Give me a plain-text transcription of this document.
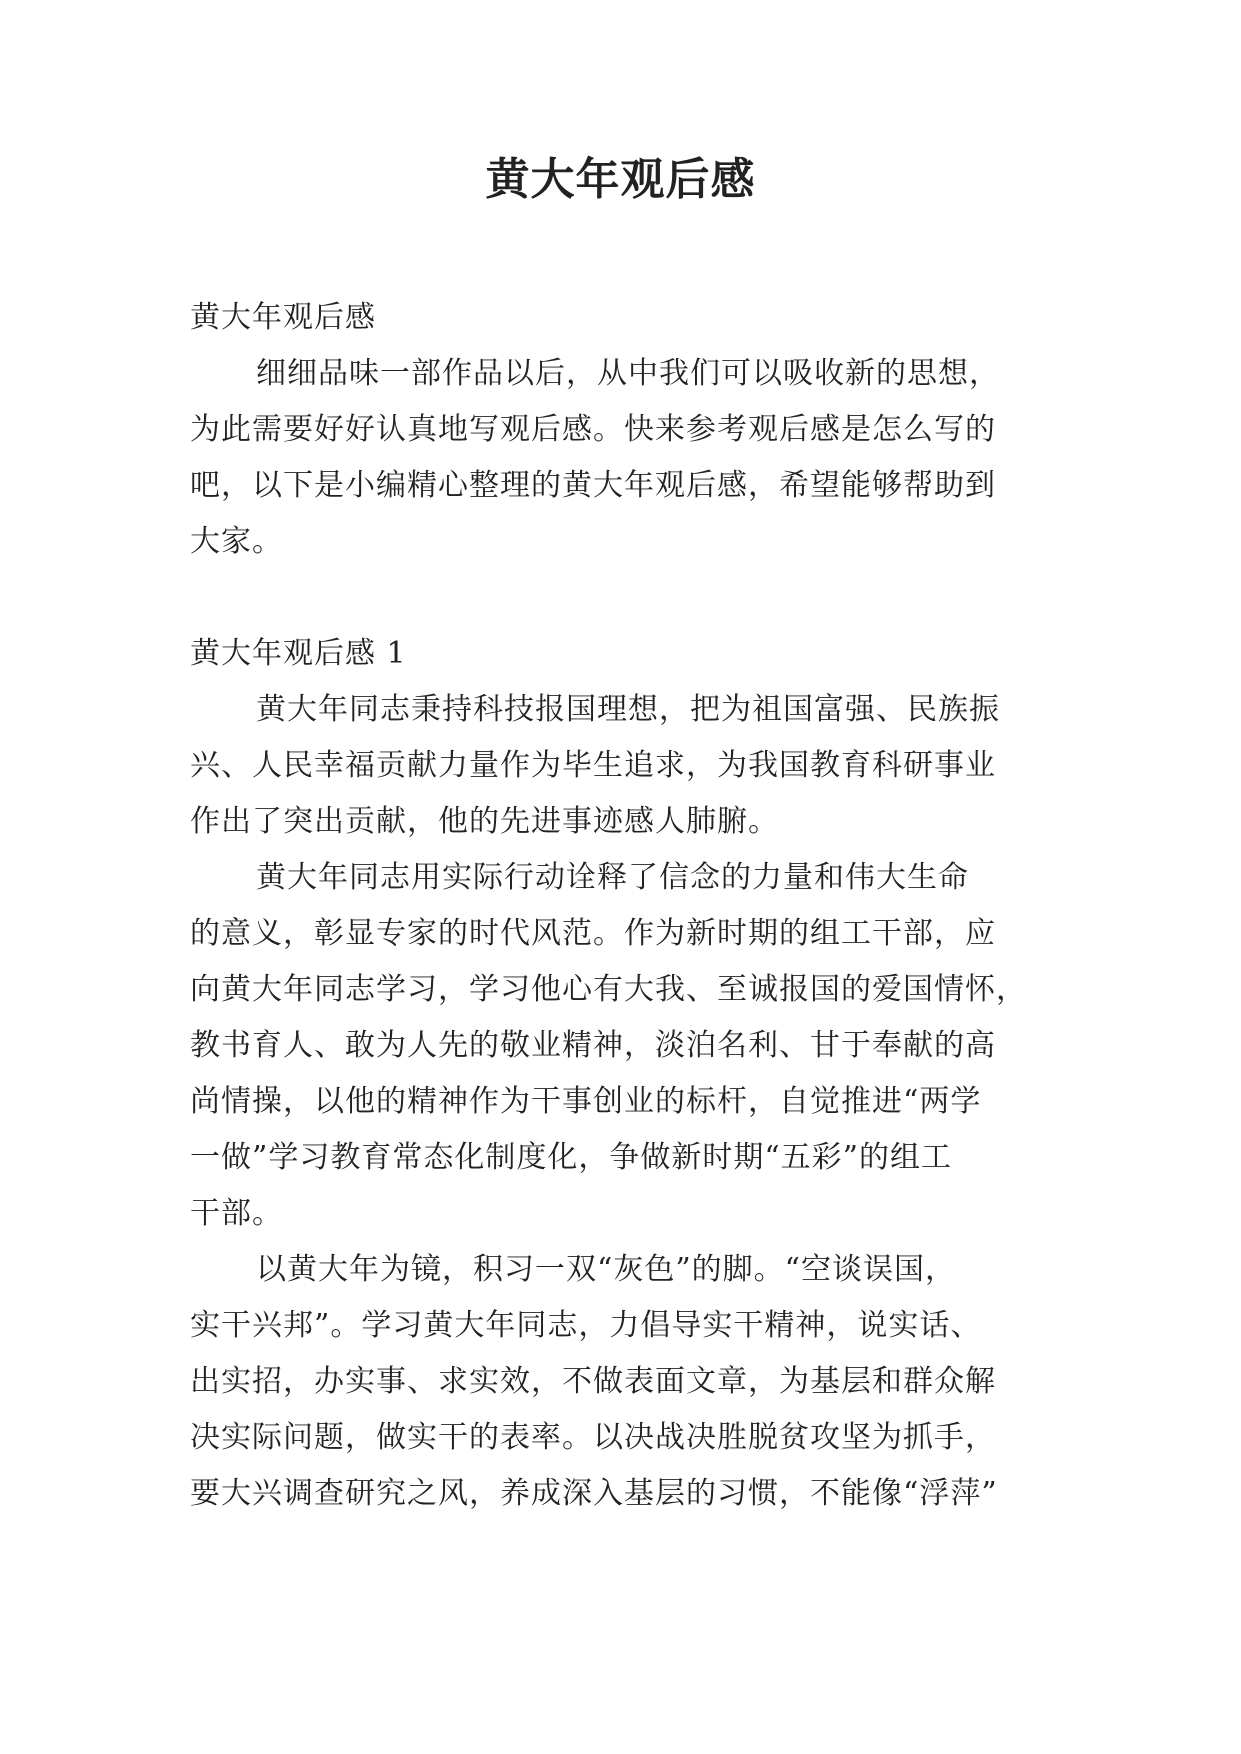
黄大年观后感

黄大年观后感

细细品味一部作品以后，从中我们可以吸收新的思想，

为此需要好好认真地写观后感。快来参考观后感是怎么写的

吧，以下是小编精心整理的黄大年观后感，希望能够帮助到

大家。

黄大年观后感 1

黄大年同志秉持科技报国理想，把为祖国富强、民族振

兴、人民幸福贡献力量作为毕生追求，为我国教育科研事业

作出了突出贡献，他的先进事迹感人肺腑。

黄大年同志用实际行动诠释了信念的力量和伟大生命

的意义，彰显专家的时代风范。作为新时期的组工干部，应

向黄大年同志学习，学习他心有大我、至诚报国的爱国情怀，

教书育人、敢为人先的敬业精神，淡泊名利、甘于奉献的高

尚情操，以他的精神作为干事创业的标杆，自觉推进“两学

一做”学习教育常态化制度化，争做新时期“五彩”的组工

干部。

以黄大年为镜，积习一双“灰色”的脚。“空谈误国，

实干兴邦”。学习黄大年同志，力倡导实干精神，说实话、

出实招，办实事、求实效，不做表面文章，为基层和群众解

决实际问题，做实干的表率。以决战决胜脱贫攻坚为抓手，

要大兴调查研究之风，养成深入基层的习惯，不能像“浮萍”
